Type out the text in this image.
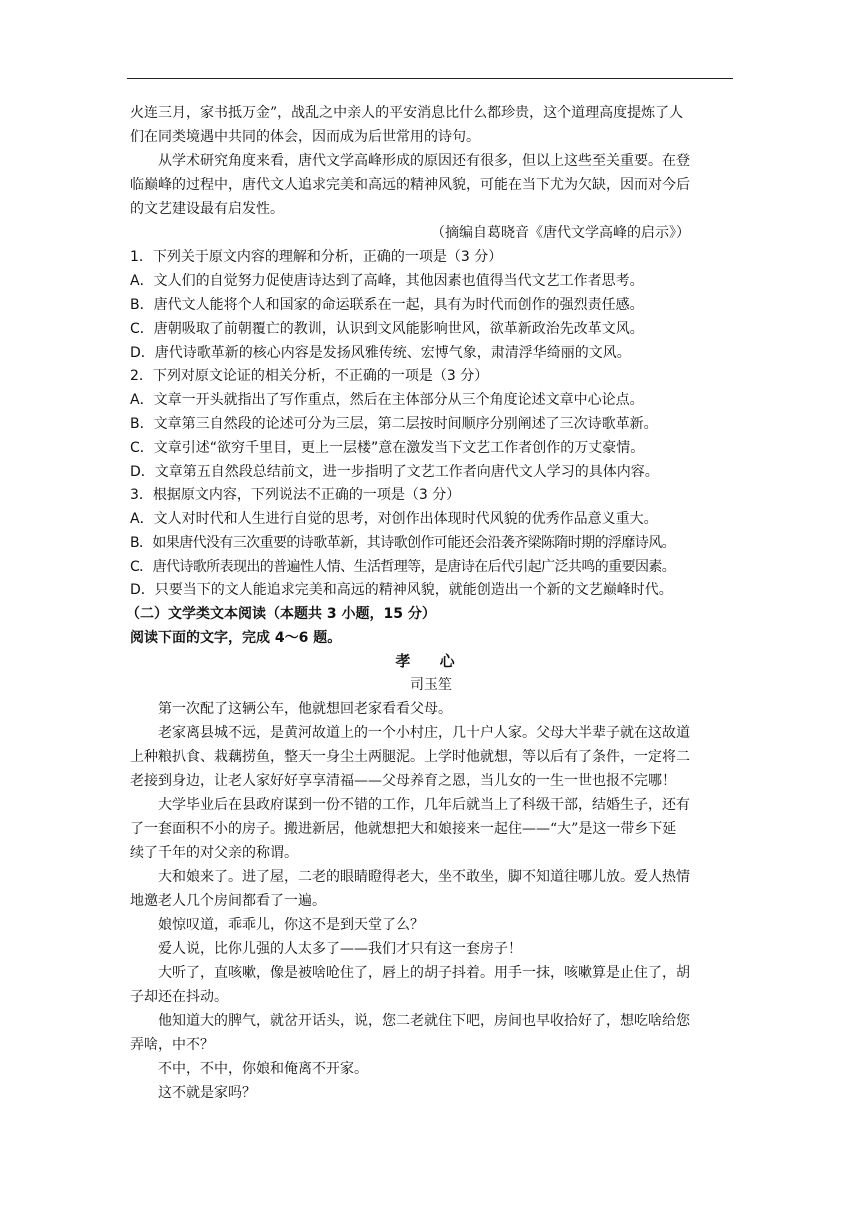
火连三月，家书抵万金”，战乱之中亲人的平安消息比什么都珍贵，这个道理高度提炼了人
们在同类境遇中共同的体会，因而成为后世常用的诗句。
从学术研究角度来看，唐代文学高峰形成的原因还有很多，但以上这些至关重要。在登
临巅峰的过程中，唐代文人追求完美和高远的精神风貌，可能在当下尤为欠缺，因而对今后
的文艺建设最有启发性。
（摘编自葛晓音《唐代文学高峰的启示》）
1．下列关于原文内容的理解和分析，正确的一项是（3 分）
A．文人们的自觉努力促使唐诗达到了高峰，其他因素也值得当代文艺工作者思考。
B．唐代文人能将个人和国家的命运联系在一起，具有为时代而创作的强烈责任感。
C．唐朝吸取了前朝覆亡的教训，认识到文风能影响世风，欲革新政治先改革文风。
D．唐代诗歌革新的核心内容是发扬风雅传统、宏博气象，肃清浮华绮丽的文风。
2．下列对原文论证的相关分析，不正确的一项是（3 分）
A．文章一开头就指出了写作重点，然后在主体部分从三个角度论述文章中心论点。
B．文章第三自然段的论述可分为三层，第二层按时间顺序分别阐述了三次诗歌革新。
C．文章引述“欲穷千里目，更上一层楼”意在激发当下文艺工作者创作的万丈豪情。
D．文章第五自然段总结前文，进一步指明了文艺工作者向唐代文人学习的具体内容。
3．根据原文内容，下列说法不正确的一项是（3 分）
A．文人对时代和人生进行自觉的思考，对创作出体现时代风貌的优秀作品意义重大。
B．如果唐代没有三次重要的诗歌革新，其诗歌创作可能还会沿袭齐梁陈隋时期的浮靡诗风。
C．唐代诗歌所表现出的普遍性人情、生活哲理等，是唐诗在后代引起广泛共鸣的重要因素。
D．只要当下的文人能追求完美和高远的精神风貌，就能创造出一个新的文艺巅峰时代。
（二）文学类文本阅读（本题共 3 小题，15 分）
阅读下面的文字，完成 4～6 题。
孝 心
司玉笙
第一次配了这辆公车，他就想回老家看看父母。
老家离县城不远，是黄河故道上的一个小村庄，几十户人家。父母大半辈子就在这故道
上种粮扒食、栽藕捞鱼，整天一身尘土两腿泥。上学时他就想，等以后有了条件，一定将二
老接到身边，让老人家好好享享清福——父母养育之恩，当儿女的一生一世也报不完哪！
大学毕业后在县政府谋到一份不错的工作，几年后就当上了科级干部，结婚生子，还有
了一套面积不小的房子。搬进新居，他就想把大和娘接来一起住——“大”是这一带乡下延
续了千年的对父亲的称谓。
大和娘来了。进了屋，二老的眼睛瞪得老大，坐不敢坐，脚不知道往哪儿放。爱人热情
地邀老人几个房间都看了一遍。
娘惊叹道，乖乖儿，你这不是到天堂了么？
爱人说，比你儿强的人太多了——我们才只有这一套房子！
大听了，直咳嗽，像是被啥呛住了，唇上的胡子抖着。用手一抹，咳嗽算是止住了，胡
子却还在抖动。
他知道大的脾气，就岔开话头，说，您二老就住下吧，房间也早收拾好了，想吃啥给您
弄啥，中不？
不中，不中，你娘和俺离不开家。
这不就是家吗？
